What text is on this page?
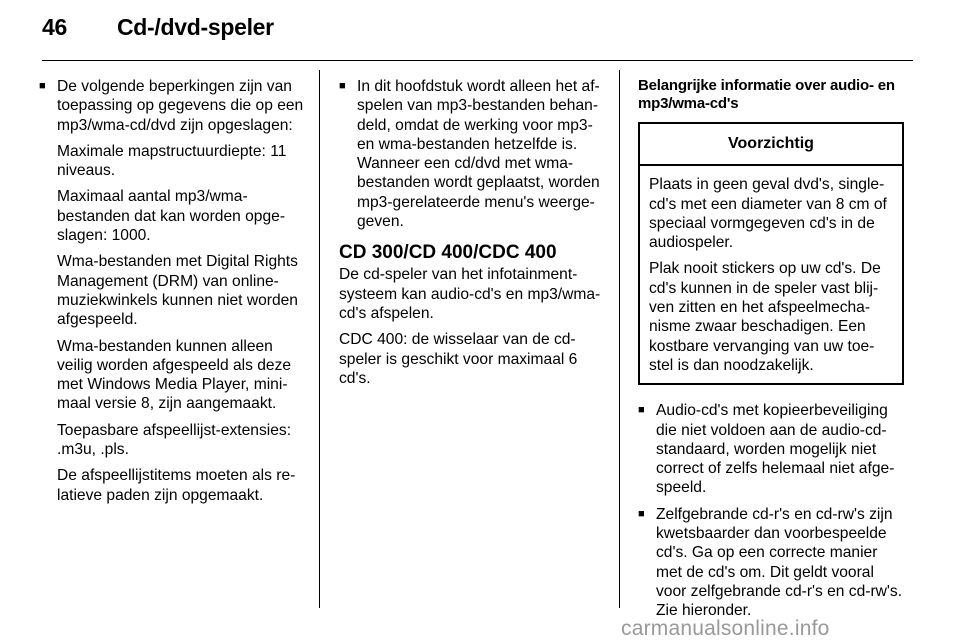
46 Cd-/dvd-speler

■ De volgende beperkingen zijn van toepassing op gegevens die op een mp3/wma-cd/dvd zijn opgeslagen:

Maximale mapstructuurdiepte: 11 niveaus.

Maximaal aantal mp3/wma-bestanden dat kan worden opge-slagen: 1000.

Wma-bestanden met Digital Rights Management (DRM) van online-muziekwinkels kunnen niet worden afgespeeld.

Wma-bestanden kunnen alleen veilig worden afgespeeld als deze met Windows Media Player, mini-maal versie 8, zijn aangemaakt.

Toepasbare afspeellijst-extensies: .m3u, .pls.

De afspeellijstitems moeten als re-latieve paden zijn opgemaakt.

■ In dit hoofdstuk wordt alleen het af-spelen van mp3-bestanden behan-deld, omdat de werking voor mp3-en wma-bestanden hetzelfde is. Wanneer een cd/dvd met wma-bestanden wordt geplaatst, worden mp3-gerelateerde menu's weerge-geven.

CD 300/CD 400/CDC 400

De cd-speler van het infotainment-systeem kan audio-cd's en mp3/wma-cd's afspelen.

CDC 400: de wisselaar van de cd-speler is geschikt voor maximaal 6 cd's.

Belangrijke informatie over audio- en mp3/wma-cd's
Voorzichtig

Plaats in geen geval dvd's, single-cd's met een diameter van 8 cm of speciaal vormgegeven cd's in de audiospeler.

Plak nooit stickers op uw cd's. De cd's kunnen in de speler vast blij-ven zitten en het afspeelmecha-nisme zwaar beschadigen. Een kostbare vervanging van uw toe-stel is dan noodzakelijk.

■ Audio-cd's met kopieerbeveiliging die niet voldoen aan de audio-cd-standaard, worden mogelijk niet correct of zelfs helemaal niet afge-speeld.

■ Zelfgebrande cd-r's en cd-rw's zijn kwetsbaarder dan voorbespeelde cd's. Ga op een correcte manier met de cd's om. Dit geldt vooral voor zelfgebrande cd-r's en cd-rw's. Zie hieronder.

carmanualsonline.info
